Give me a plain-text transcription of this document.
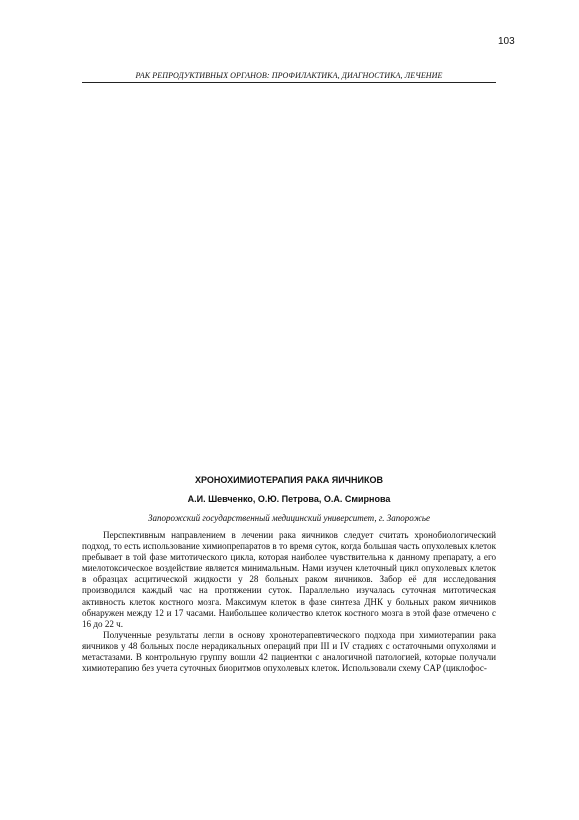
103
РАК РЕПРОДУКТИВНЫХ ОРГАНОВ: ПРОФИЛАКТИКА, ДИАГНОСТИКА, ЛЕЧЕНИЕ
ХРОНОХИМИОТЕРАПИЯ РАКА ЯИЧНИКОВ
А.И. Шевченко, О.Ю. Петрова, О.А. Смирнова
Запорожский государственный медицинский университет, г. Запорожье

Перспективным направлением в лечении рака яичников следует считать хронобиологический подход, то есть использование химиопрепаратов в то время суток, когда большая часть опухолевых клеток пребывает в той фазе митотического цикла, которая наиболее чувствительна к данному препарату, а его миелотоксическое воздействие является минимальным. Нами изучен клеточный цикл опухолевых клеток в образцах асцитической жидкости у 28 больных раком яичников. Забор её для исследования производился каждый час на протяжении суток. Параллельно изучалась суточная митотическая активность клеток костного мозга. Максимум клеток в фазе синтеза ДНК у больных раком яичников обнаружен между 12 и 17 часами. Наибольшее количество клеток костного мозга в этой фазе отмечено с 16 до 22 ч.

Полученные результаты легли в основу хронотерапевтического подхода при химиотерапии рака яичников у 48 больных после нерадикальных операций при III и IV стадиях с остаточными опухолями и метастазами. В контрольную группу вошли 42 пациентки с аналогичной патологией, которые получали химиотерапию без учета суточных биоритмов опухолевых клеток. Использовали схему CAP (циклофос-
